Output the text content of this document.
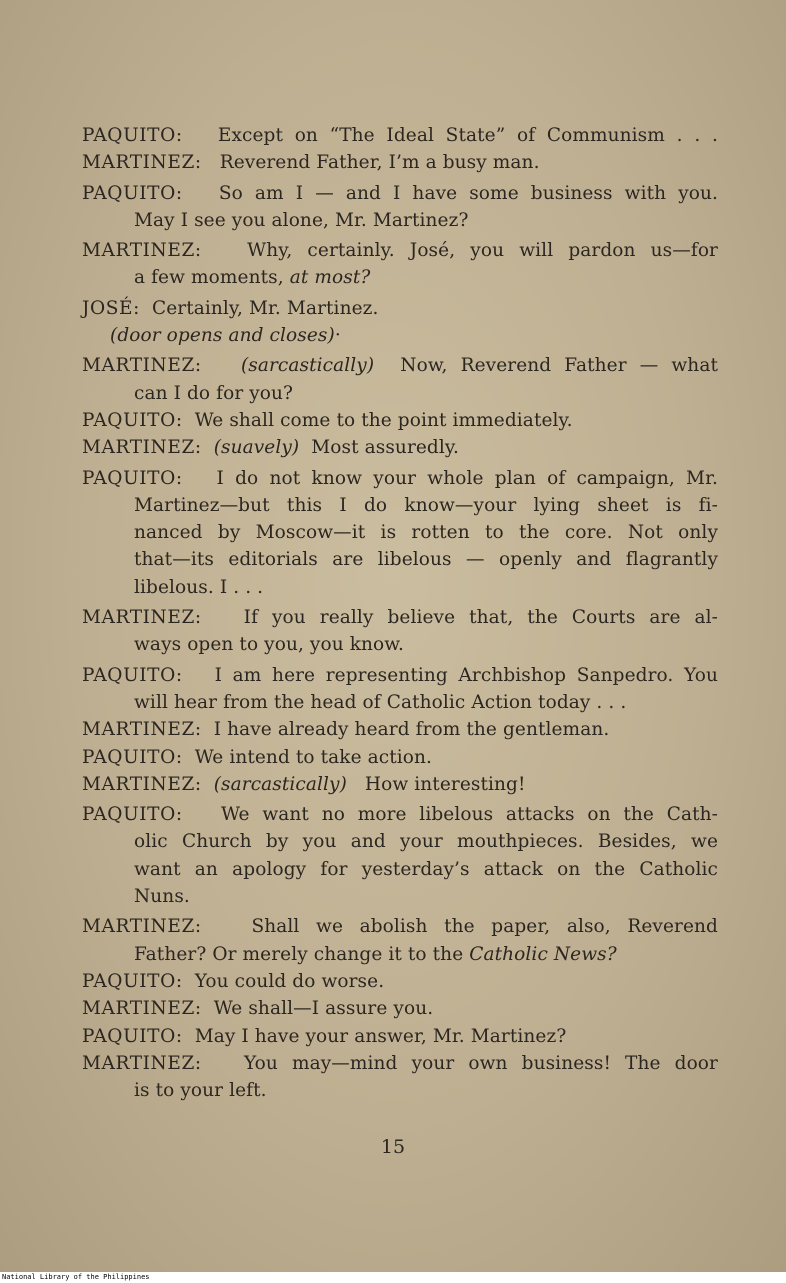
PAQUITO: Except on “The Ideal State” of Communism . . .
MARTINEZ: Reverend Father, I’m a busy man.
PAQUITO: So am I — and I have some business with you.
May I see you alone, Mr. Martinez?
MARTINEZ: Why, certainly. José, you will pardon us—for
a few moments, at most?
JOSÉ: Certainly, Mr. Martinez.
(door opens and closes)·
MARTINEZ: (sarcastically) Now, Reverend Father — what
can I do for you?
PAQUITO: We shall come to the point immediately.
MARTINEZ: (suavely) Most assuredly.
PAQUITO: I do not know your whole plan of campaign, Mr.
Martinez—but this I do know—your lying sheet is fi-
nanced by Moscow—it is rotten to the core. Not only
that—its editorials are libelous — openly and flagrantly
libelous. I . . .
MARTINEZ: If you really believe that, the Courts are al-
ways open to you, you know.
PAQUITO: I am here representing Archbishop Sanpedro. You
will hear from the head of Catholic Action today . . .
MARTINEZ: I have already heard from the gentleman.
PAQUITO: We intend to take action.
MARTINEZ: (sarcastically) How interesting!
PAQUITO: We want no more libelous attacks on the Cath-
olic Church by you and your mouthpieces. Besides, we
want an apology for yesterday’s attack on the Catholic
Nuns.
MARTINEZ:	Shall we abolish the paper, also, Reverend
Father? Or merely change it to the Catholic News?
PAQUITO: You could do worse.
MARTINEZ: We shall—I assure you.
PAQUITO: May I have your answer, Mr. Martinez?
MARTINEZ: You may—mind your own business! The door
is to your left.
15
National Library of the Philippines
